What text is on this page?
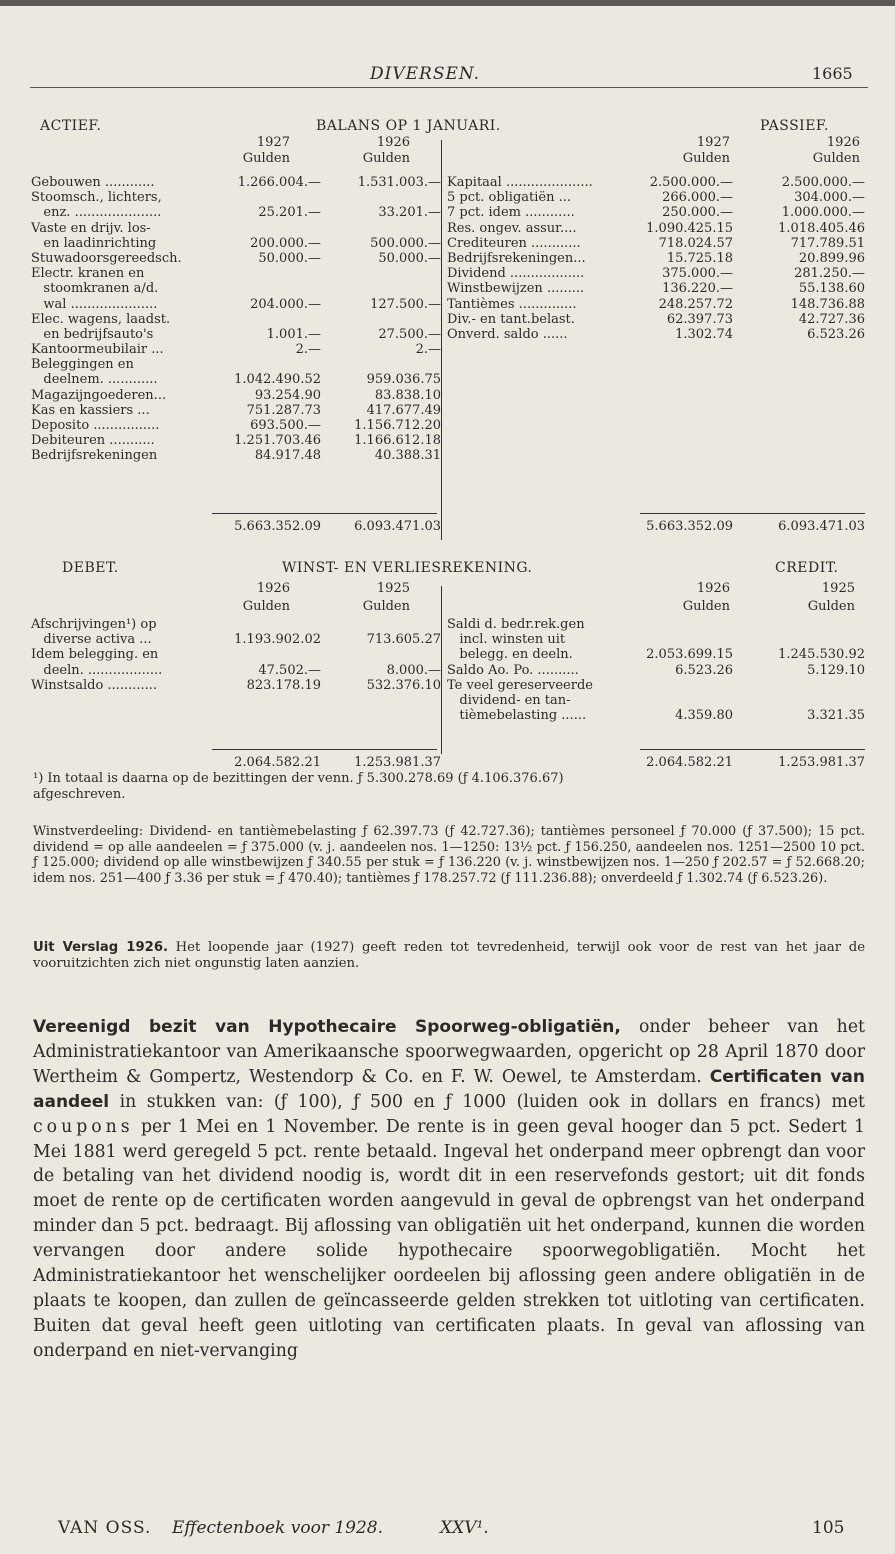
DIVERSEN.	1665
ACTIEF.	BALANS OP 1 JANUARI.	PASSIEF.
1927	1926
Gulden	Gulden
1927	1926
Gulden	Gulden
Gebouwen ............	1.266.004.—	1.531.003.—
Stoomsch., lichters,
enz. .....................	25.201.—	33.201.—
Vaste en drijv. los-
en laadinrichting	200.000.—	500.000.—
Stuwadoorsgereedsch.	50.000.—	50.000.—
Electr. kranen en
stoomkranen a/d.
wal .....................	204.000.—	127.500.—
Elec. wagens, laadst.
en bedrijfsauto's	1.001.—	27.500.—
Kantoormeubilair ...	2.—	2.—
Beleggingen en
deelnem. ............	1.042.490.52	959.036.75
Magazijngoederen...	93.254.90	83.838.10
Kas en kassiers ...	751.287.73	417.677.49
Deposito ................	693.500.—	1.156.712.20
Debiteuren ...........	1.251.703.46	1.166.612.18
Bedrijfsrekeningen	84.917.48	40.388.31
Kapitaal .....................	2.500.000.—	2.500.000.—
5 pct. obligatiën ...	266.000.—	304.000.—
7 pct. idem ............	250.000.—	1.000.000.—
Res. ongev. assur....	1.090.425.15	1.018.405.46
Crediteuren ............	718.024.57	717.789.51
Bedrijfsrekeningen...	15.725.18	20.899.96
Dividend ..................	375.000.—	281.250.—
Winstbewijzen .........	136.220.—	55.138.60
Tantièmes ..............	248.257.72	148.736.88
Div.- en tant.belast.	62.397.73	42.727.36
Onverd. saldo ......	1.302.74	6.523.26
5.663.352.09	6.093.471.03	5.663.352.09	6.093.471.03
DEBET.	WINST- EN VERLIESREKENING.	CREDIT.
1926	1925
Gulden	Gulden
1926	1925
Gulden	Gulden
Afschrijvingen¹) op
diverse activa ...	1.193.902.02	713.605.27
Idem belegging. en
deeln. ..................	47.502.—	8.000.—
Winstsaldo ............	823.178.19	532.376.10
Saldi d. bedr.rek.gen
incl. winsten uit
belegg. en deeln.	2.053.699.15	1.245.530.92
Saldo Ao. Po. ..........	6.523.26	5.129.10
Te veel gereserveerde
dividend- en tan-
tièmebelasting ......	4.359.80	3.321.35
2.064.582.21	1.253.981.37	2.064.582.21	1.253.981.37
¹) In totaal is daarna op de bezittingen der venn. ƒ 5.300.278.69 (ƒ 4.106.376.67)
afgeschreven.
Winstverdeeling: Dividend- en tantièmebelasting ƒ 62.397.73 (ƒ 42.727.36); tantièmes personeel ƒ 70.000 (ƒ 37.500); 15 pct. dividend = op alle aandeelen = ƒ 375.000 (v. j. aandeelen nos. 1—1250: 13½ pct. ƒ 156.250, aandeelen nos. 1251—2500 10 pct. ƒ 125.000; dividend op alle winstbewijzen ƒ 340.55 per stuk = ƒ 136.220 (v. j. winstbewijzen nos. 1—250 ƒ 202.57 = ƒ 52.668.20; idem nos. 251—400 ƒ 3.36 per stuk = ƒ 470.40); tantièmes ƒ 178.257.72 (ƒ 111.236.88); onverdeeld ƒ 1.302.74 (ƒ 6.523.26).
Uit Verslag 1926. Het loopende jaar (1927) geeft reden tot tevredenheid, terwijl ook voor de rest van het jaar de vooruitzichten zich niet ongunstig laten aanzien.
Vereenigd bezit van Hypothecaire Spoorweg-obligatiën, onder beheer van het Administratiekantoor van Amerikaansche spoorwegwaarden, opgericht op 28 April 1870 door Wertheim & Gompertz, Westendorp & Co. en F. W. Oewel, te Amsterdam. Certificaten van aandeel in stukken van: (ƒ 100), ƒ 500 en ƒ 1000 (luiden ook in dollars en francs) met coupons per 1 Mei en 1 November. De rente is in geen geval hooger dan 5 pct. Sedert 1 Mei 1881 werd geregeld 5 pct. rente betaald. Ingeval het onderpand meer opbrengt dan voor de betaling van het dividend noodig is, wordt dit in een reservefonds gestort; uit dit fonds moet de rente op de certificaten worden aangevuld in geval de opbrengst van het onderpand minder dan 5 pct. bedraagt. Bij aflossing van obligatiën uit het onderpand, kunnen die worden vervangen door andere solide hypothecaire spoorwegobligatiën. Mocht het Administratiekantoor het wenschelijker oordeelen bij aflossing geen andere obligatiën in de plaats te koopen, dan zullen de geïncasseerde gelden strekken tot uitloting van certificaten. Buiten dat geval heeft geen uitloting van certificaten plaats. In geval van aflossing van onderpand en niet-vervanging
VAN OSS. Effectenboek voor 1928.	XXV¹.	105
